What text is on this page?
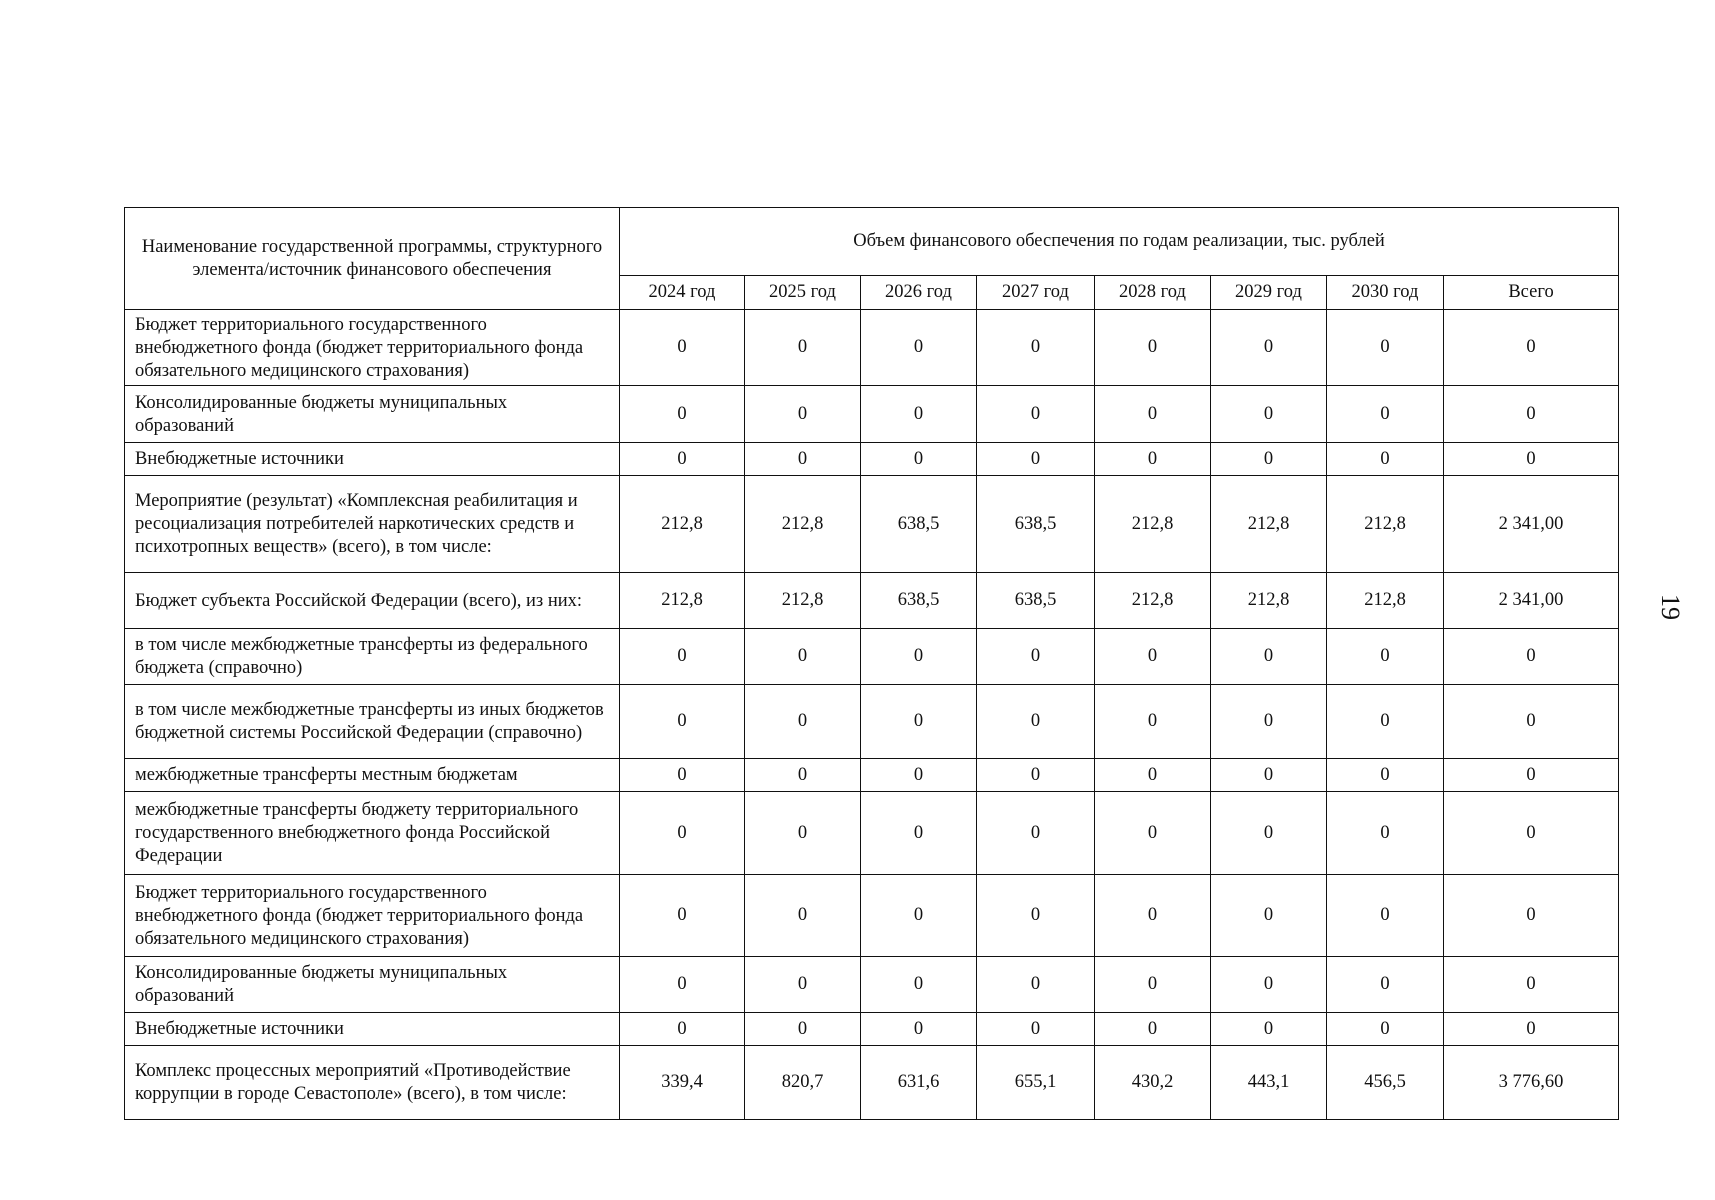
Наименование государственной программы, структурного элемента/источник финансового обеспечения	Объем финансового обеспечения по годам реализации, тыс. рублей							
	2024 год	2025 год	2026 год	2027 год	2028 год	2029 год	2030 год	Всего
Бюджет территориального государственного внебюджетного фонда (бюджет территориального фонда обязательного медицинского страхования)	0	0	0	0	0	0	0	0
Консолидированные бюджеты муниципальных образований	0	0	0	0	0	0	0	0
Внебюджетные источники	0	0	0	0	0	0	0	0
Мероприятие (результат) «Комплексная реабилитация и ресоциализация потребителей наркотических средств и психотропных веществ» (всего), в том числе:	212,8	212,8	638,5	638,5	212,8	212,8	212,8	2 341,00
Бюджет субъекта Российской Федерации (всего), из них:	212,8	212,8	638,5	638,5	212,8	212,8	212,8	2 341,00
в том числе межбюджетные трансферты из федерального бюджета (справочно)	0	0	0	0	0	0	0	0
в том числе межбюджетные трансферты из иных бюджетов бюджетной системы Российской Федерации (справочно)	0	0	0	0	0	0	0	0
межбюджетные трансферты местным бюджетам	0	0	0	0	0	0	0	0
межбюджетные трансферты бюджету территориального государственного внебюджетного фонда Российской Федерации	0	0	0	0	0	0	0	0
Бюджет территориального государственного внебюджетного фонда (бюджет территориального фонда обязательного медицинского страхования)	0	0	0	0	0	0	0	0
Консолидированные бюджеты муниципальных образований	0	0	0	0	0	0	0	0
Внебюджетные источники	0	0	0	0	0	0	0	0
Комплекс процессных мероприятий «Противодействие коррупции в городе Севастополе» (всего), в том числе:	339,4	820,7	631,6	655,1	430,2	443,1	456,5	3 776,60
19
